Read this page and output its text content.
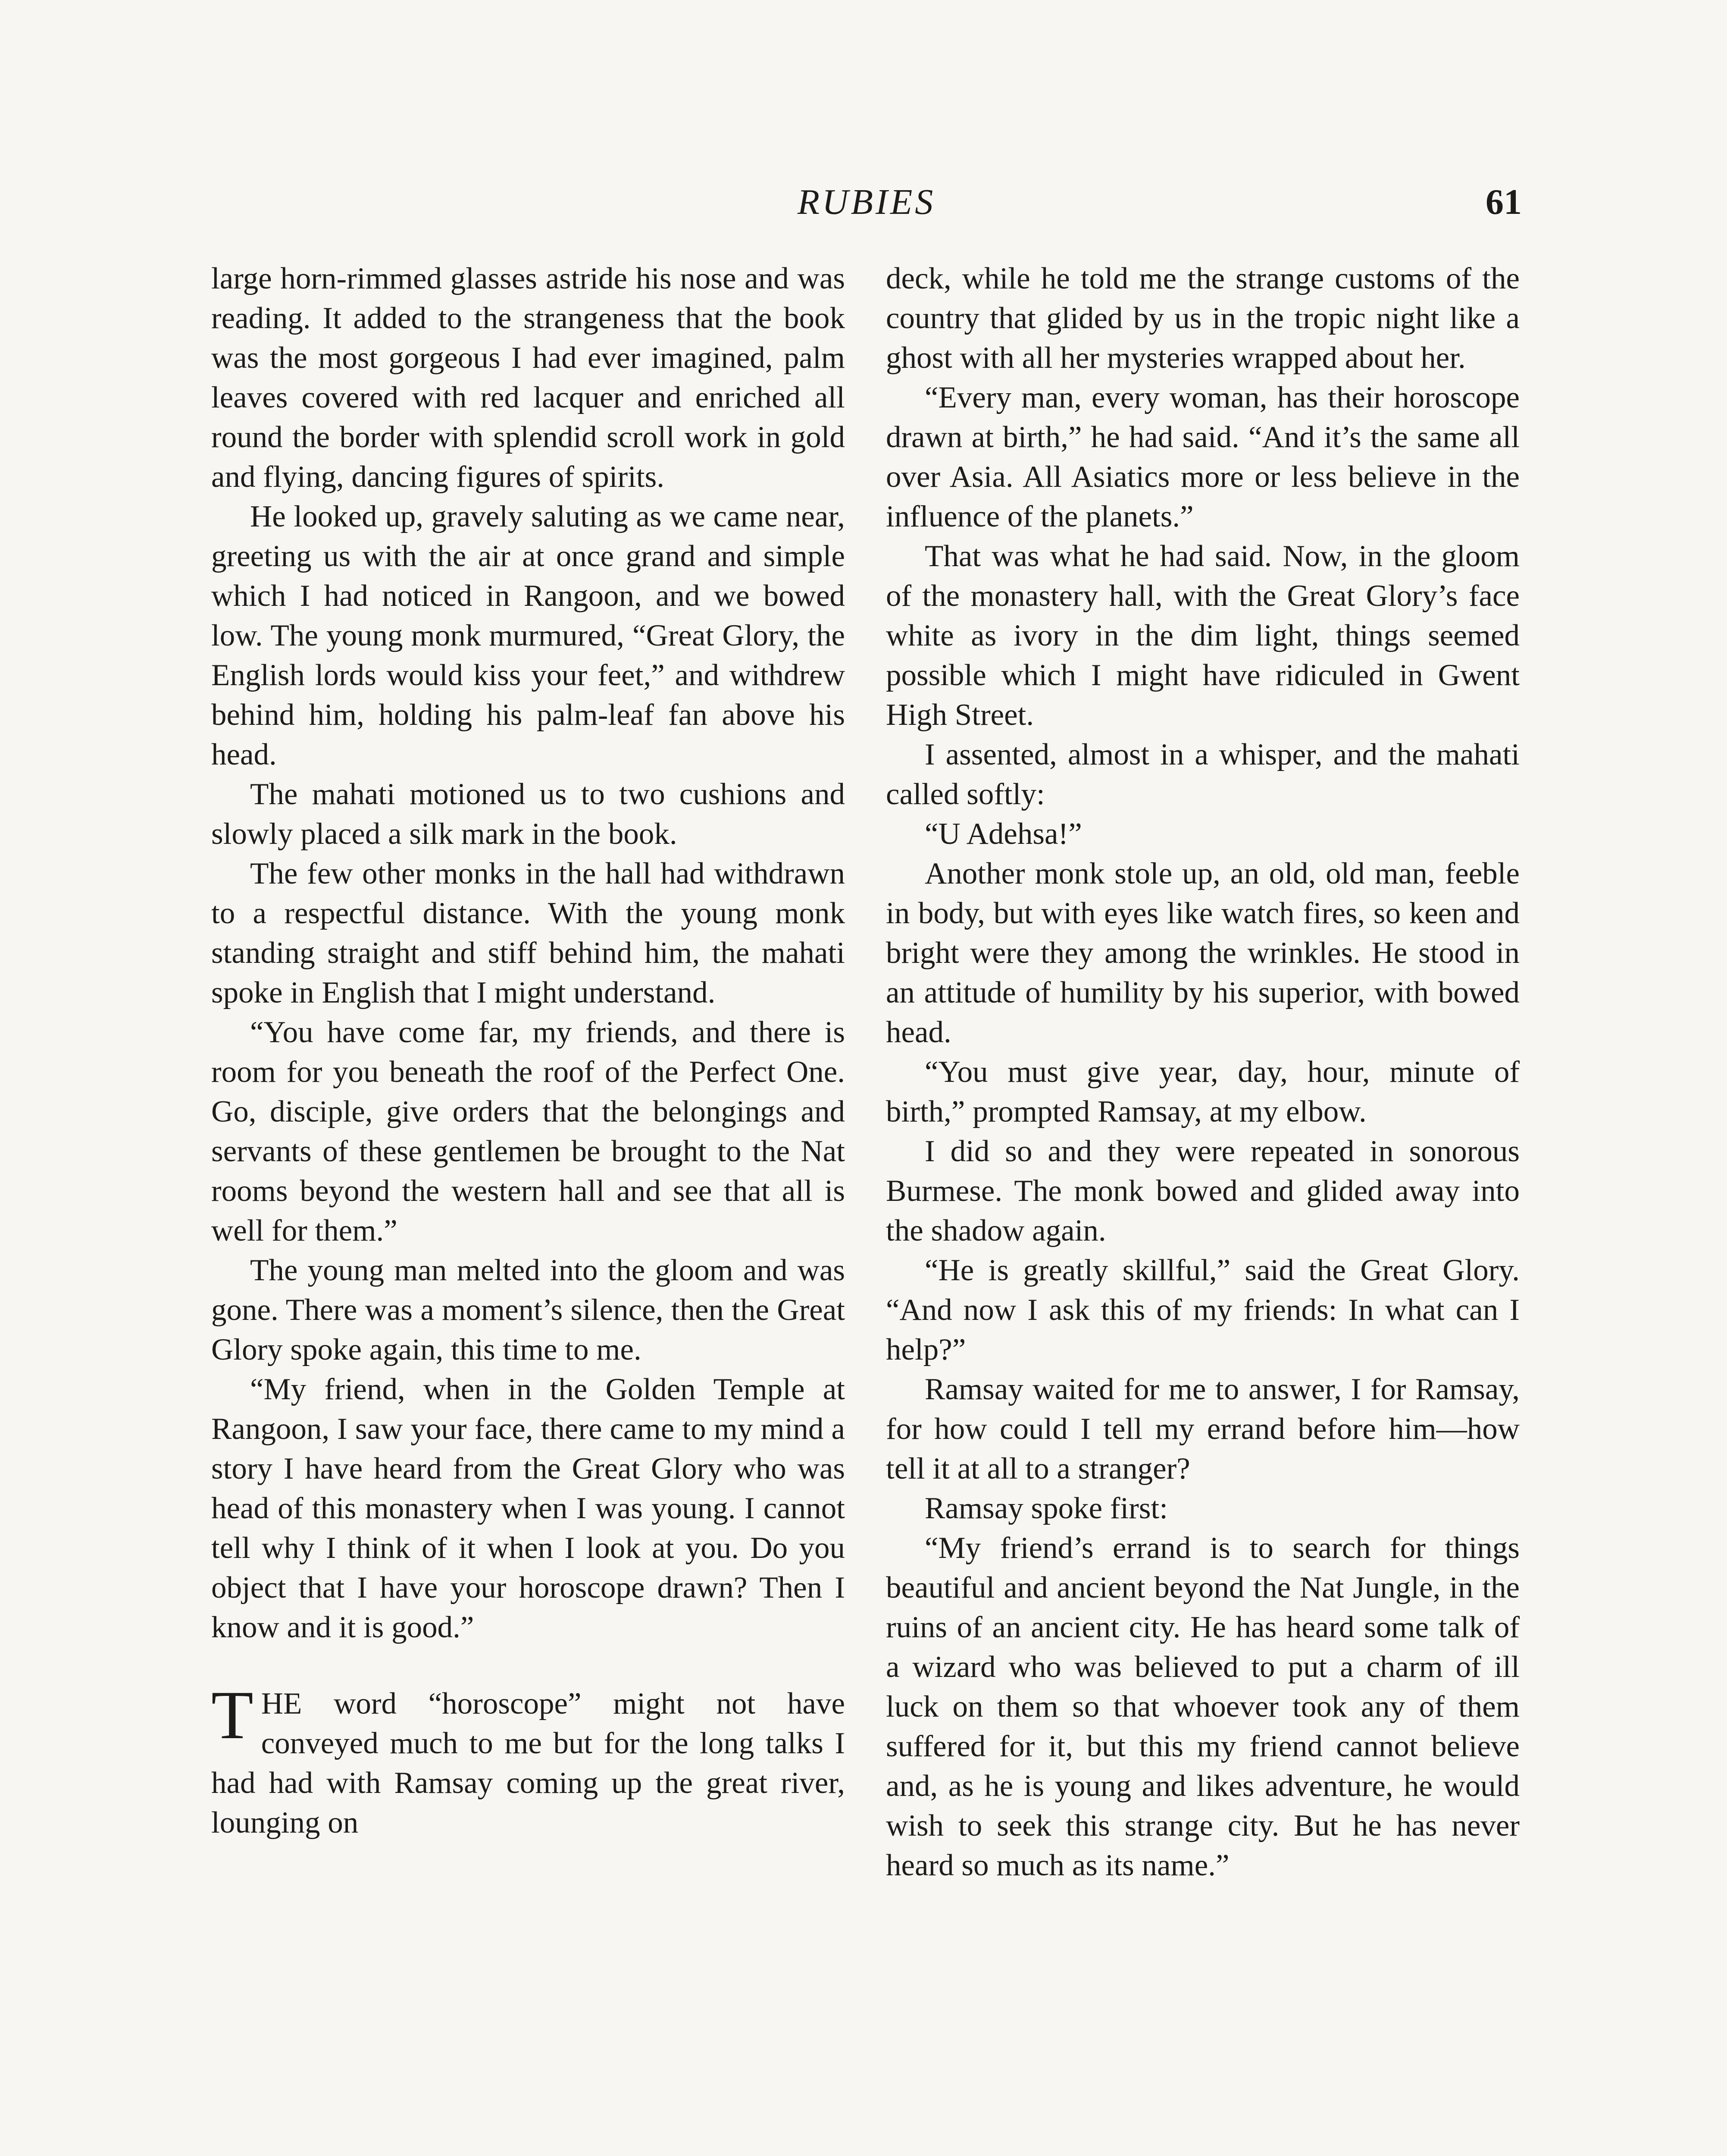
RUBIES	61

large horn-rimmed glasses astride his nose and was reading. It added to the strangeness that the book was the most gorgeous I had ever imagined, palm leaves covered with red lacquer and enriched all round the border with splendid scroll work in gold and flying, dancing figures of spirits.

He looked up, gravely saluting as we came near, greeting us with the air at once grand and simple which I had noticed in Rangoon, and we bowed low. The young monk murmured, “Great Glory, the English lords would kiss your feet,” and withdrew behind him, holding his palm-leaf fan above his head.

The mahati motioned us to two cushions and slowly placed a silk mark in the book.

The few other monks in the hall had withdrawn to a respectful distance. With the young monk standing straight and stiff behind him, the mahati spoke in English that I might understand.

“You have come far, my friends, and there is room for you beneath the roof of the Perfect One. Go, disciple, give orders that the belongings and servants of these gentlemen be brought to the Nat rooms beyond the western hall and see that all is well for them.”

The young man melted into the gloom and was gone. There was a moment’s silence, then the Great Glory spoke again, this time to me.

“My friend, when in the Golden Temple at Rangoon, I saw your face, there came to my mind a story I have heard from the Great Glory who was head of this monastery when I was young. I cannot tell why I think of it when I look at you. Do you object that I have your horoscope drawn? Then I know and it is good.”

THE word “horoscope” might not have conveyed much to me but for the long talks I had had with Ramsay coming up the great river, lounging on

deck, while he told me the strange customs of the country that glided by us in the tropic night like a ghost with all her mysteries wrapped about her.

“Every man, every woman, has their horoscope drawn at birth,” he had said. “And it’s the same all over Asia. All Asiatics more or less believe in the influence of the planets.”

That was what he had said. Now, in the gloom of the monastery hall, with the Great Glory’s face white as ivory in the dim light, things seemed possible which I might have ridiculed in Gwent High Street.

I assented, almost in a whisper, and the mahati called softly:

“U Adehsa!”

Another monk stole up, an old, old man, feeble in body, but with eyes like watch fires, so keen and bright were they among the wrinkles. He stood in an attitude of humility by his superior, with bowed head.

“You must give year, day, hour, minute of birth,” prompted Ramsay, at my elbow.

I did so and they were repeated in sonorous Burmese. The monk bowed and glided away into the shadow again.

“He is greatly skillful,” said the Great Glory. “And now I ask this of my friends: In what can I help?”

Ramsay waited for me to answer, I for Ramsay, for how could I tell my errand before him—how tell it at all to a stranger?

Ramsay spoke first:

“My friend’s errand is to search for things beautiful and ancient beyond the Nat Jungle, in the ruins of an ancient city. He has heard some talk of a wizard who was believed to put a charm of ill luck on them so that whoever took any of them suffered for it, but this my friend cannot believe and, as he is young and likes adventure, he would wish to seek this strange city. But he has never heard so much as its name.”
